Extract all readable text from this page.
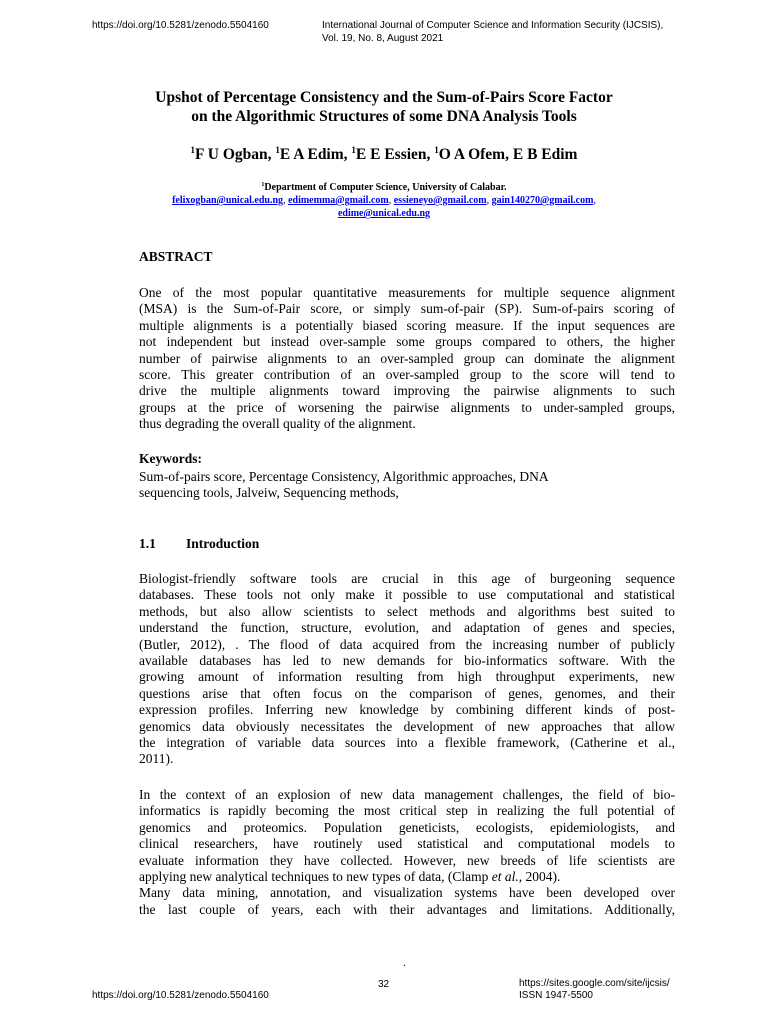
https://doi.org/10.5281/zenodo.5504160	International Journal of Computer Science and Information Security (IJCSIS),
Vol. 19, No. 8, August 2021
Upshot of Percentage Consistency and the Sum-of-Pairs Score Factor
on the Algorithmic Structures of some DNA Analysis Tools
$^1$F U Ogban, $^1$E A Edim, $^1$E E Essien, $^1$O A Ofem, E B Edim
$^1$Department of Computer Science, University of Calabar.
felixogban@unical.edu.ng, edimemma@gmail.com, essieneyo@gmail.com, gain140270@gmail.com,
edime@unical.edu.ng
ABSTRACT
One of the most popular quantitative measurements for multiple sequence alignment
(MSA) is the Sum-of-Pair score, or simply sum-of-pair (SP). Sum-of-pairs scoring of
multiple alignments is a potentially biased scoring measure. If the input sequences are
not independent but instead over-sample some groups compared to others, the higher
number of pairwise alignments to an over-sampled group can dominate the alignment
score. This greater contribution of an over-sampled group to the score will tend to
drive the multiple alignments toward improving the pairwise alignments to such
groups at the price of worsening the pairwise alignments to under-sampled groups,
thus degrading the overall quality of the alignment.
Keywords:
Sum-of-pairs score, Percentage Consistency, Algorithmic approaches, DNA
sequencing tools, Jalveiw, Sequencing methods,
1.1 Introduction
Biologist-friendly software tools are crucial in this age of burgeoning sequence
databases. These tools not only make it possible to use computational and statistical
methods, but also allow scientists to select methods and algorithms best suited to
understand the function, structure, evolution, and adaptation of genes and species,
(Butler, 2012), . The flood of data acquired from the increasing number of publicly
available databases has led to new demands for bio-informatics software. With the
growing amount of information resulting from high throughput experiments, new
questions arise that often focus on the comparison of genes, genomes, and their
expression profiles. Inferring new knowledge by combining different kinds of post-
genomics data obviously necessitates the development of new approaches that allow
the integration of variable data sources into a flexible framework, (Catherine et al.,
2011).
In the context of an explosion of new data management challenges, the field of bio-
informatics is rapidly becoming the most critical step in realizing the full potential of
genomics and proteomics. Population geneticists, ecologists, epidemiologists, and
clinical researchers, have routinely used statistical and computational models to
evaluate information they have collected. However, new breeds of life scientists are
applying new analytical techniques to new types of data, (Clamp et al., 2004).
Many data mining, annotation, and visualization systems have been developed over
the last couple of years, each with their advantages and limitations. Additionally,
.
32	https://sites.google.com/site/ijcsis/
ISSN 1947-5500
https://doi.org/10.5281/zenodo.5504160
